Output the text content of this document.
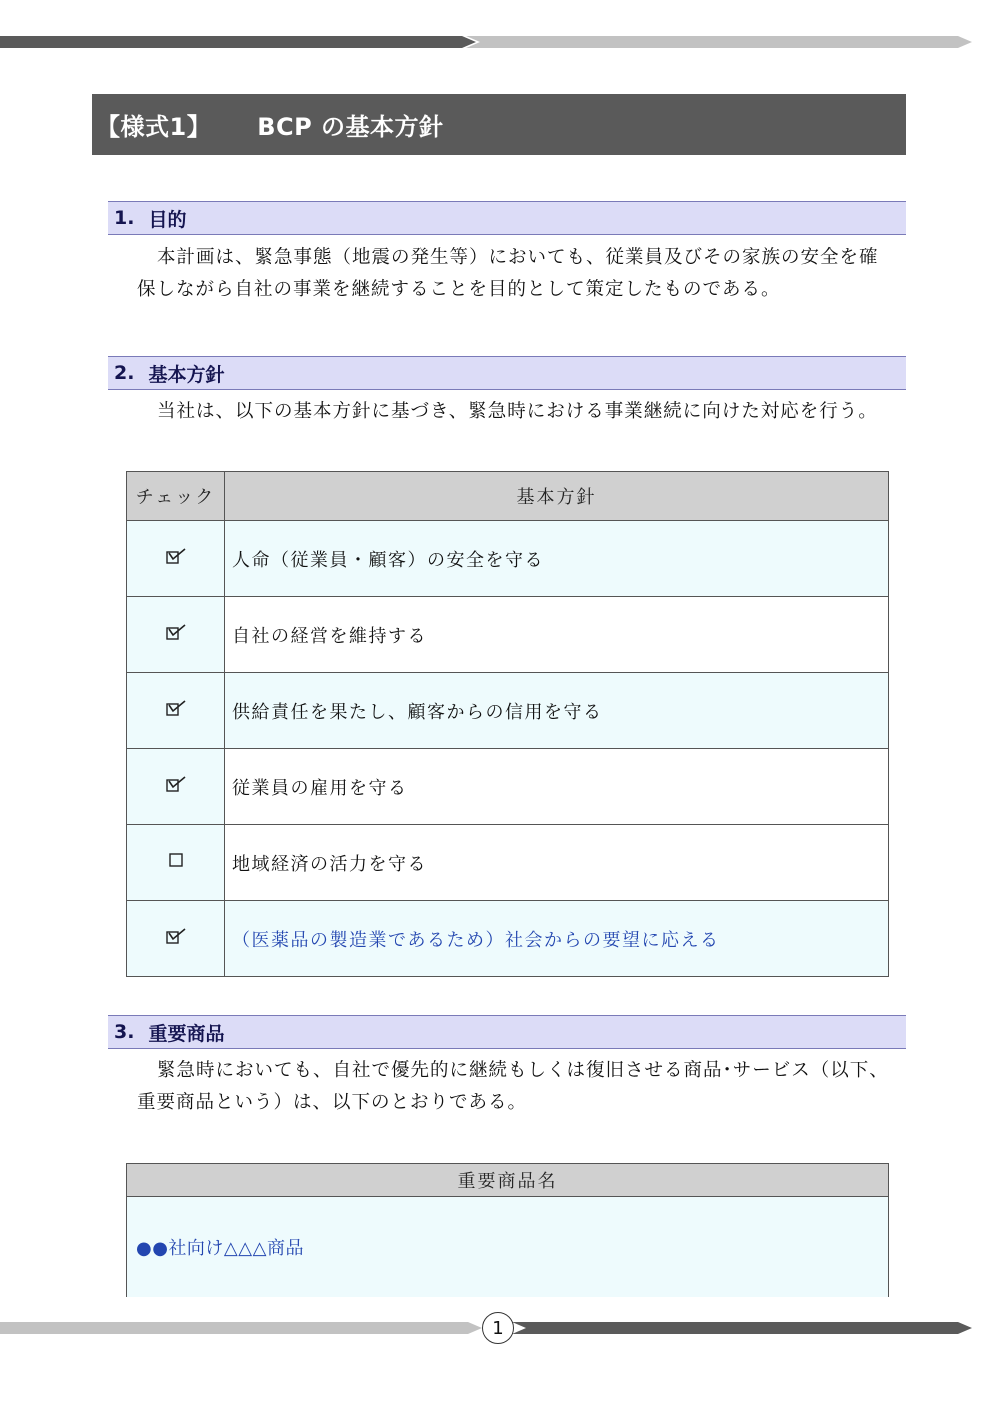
【様式1】 BCP の基本方針
1. 目的
本計画は、緊急事態（地震の発生等）においても、従業員及びその家族の安全を確
保しながら自社の事業を継続することを目的として策定したものである。
2. 基本方針
当社は、以下の基本方針に基づき、緊急時における事業継続に向けた対応を行う。
チェック	基本方針
	人命（従業員・顧客）の安全を守る
	自社の経営を維持する
	供給責任を果たし、顧客からの信用を守る
	従業員の雇用を守る
	地域経済の活力を守る
	（医薬品の製造業であるため）社会からの要望に応える
3. 重要商品
緊急時においても、自社で優先的に継続もしくは復旧させる商品･サービス（以下、
重要商品という）は、以下のとおりである。
重要商品名
●●社向け△△△商品
1
